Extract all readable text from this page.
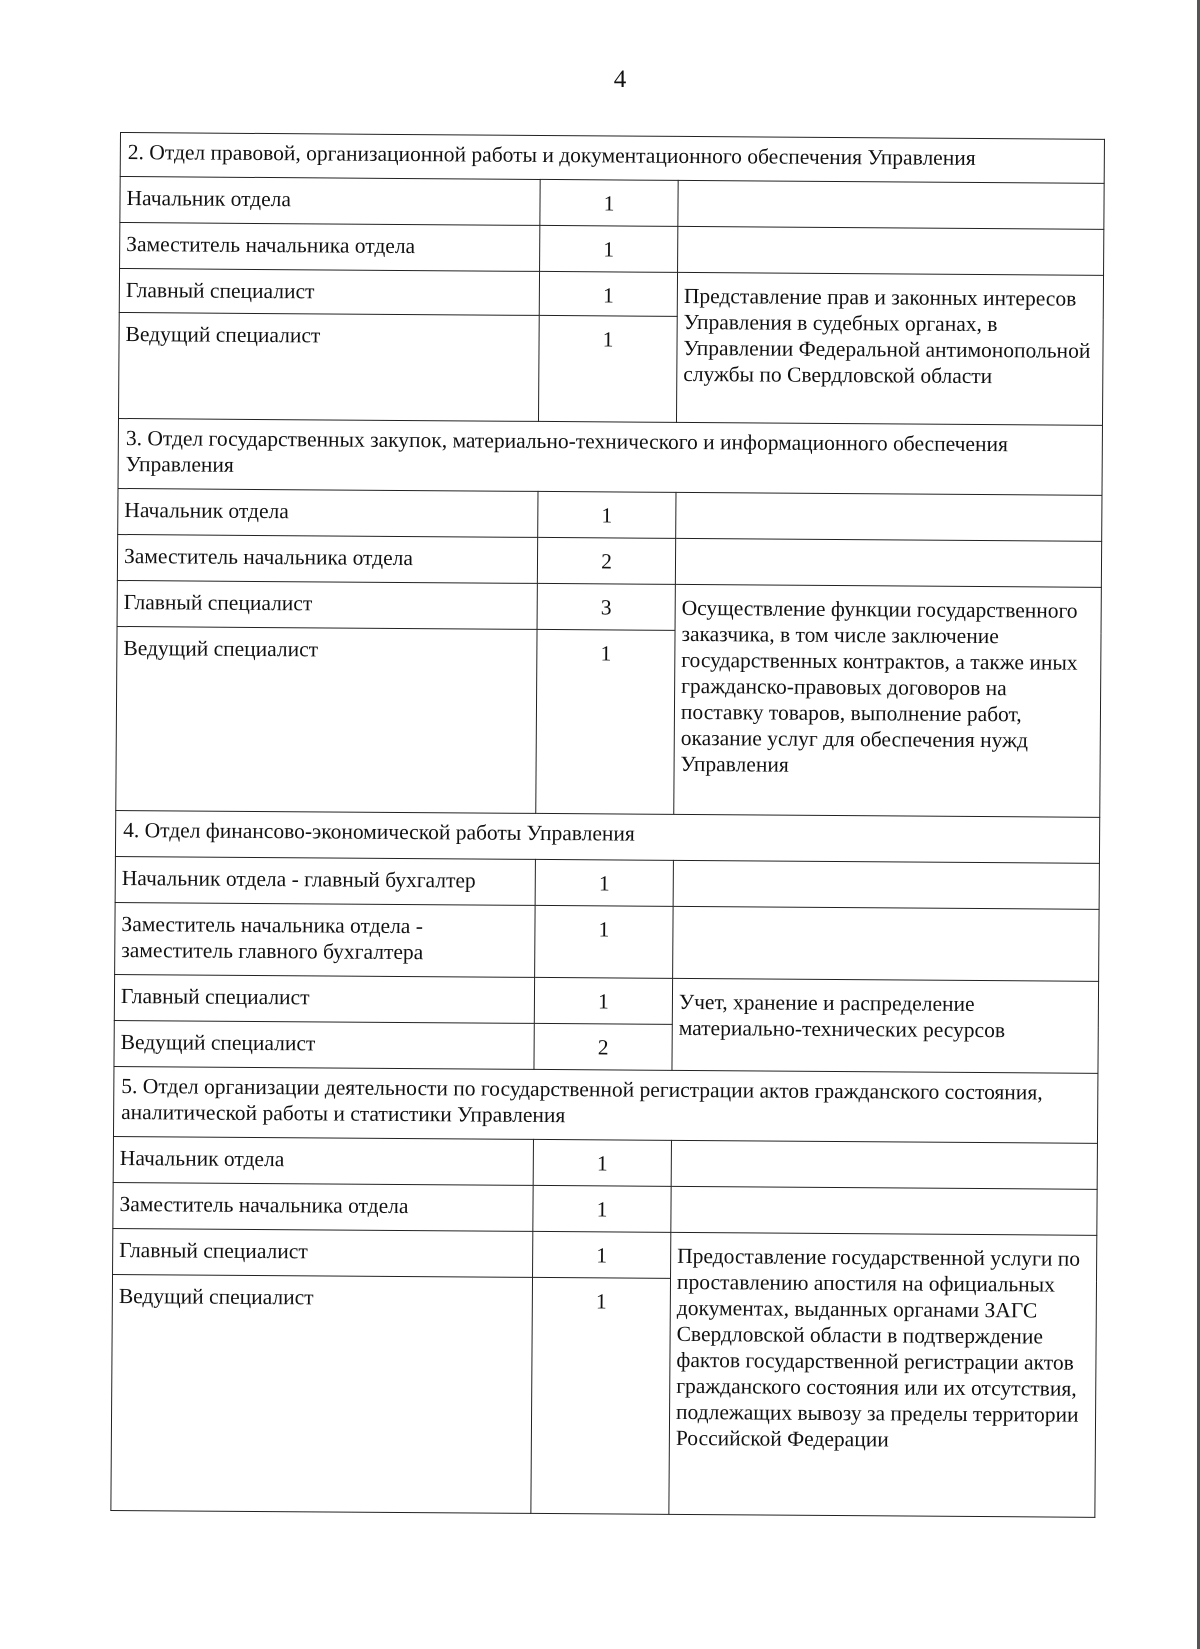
4
2. Отдел правовой, организационной работы и документационного обеспечения Управления		
Начальник отдела	1	
Заместитель начальника отдела	1	
Главный специалист	1	Представление прав и законных интересов Управления в судебных органах, в Управлении Федеральной антимонопольной службы по Свердловской области
Ведущий специалист	1	
3. Отдел государственных закупок, материально-технического и информационного обеспечения Управления		
Начальник отдела	1	
Заместитель начальника отдела	2	
Главный специалист	3	Осуществление функции государственного заказчика, в том числе заключение государственных контрактов, а также иных гражданско-правовых договоров на поставку товаров, выполнение работ, оказание услуг для обеспечения нужд Управления
Ведущий специалист	1	
4. Отдел финансово-экономической работы Управления		
Начальник отдела - главный бухгалтер	1	
Заместитель начальника отдела - заместитель главного бухгалтера	1	
Главный специалист	1	Учет, хранение и распределение материально-технических ресурсов
Ведущий специалист	2	
5. Отдел организации деятельности по государственной регистрации актов гражданского состояния, аналитической работы и статистики Управления		
Начальник отдела	1	
Заместитель начальника отдела	1	
Главный специалист	1	Предоставление государственной услуги по проставлению апостиля на официальных документах, выданных органами ЗАГС Свердловской области в подтверждение фактов государственной регистрации актов гражданского состояния или их отсутствия, подлежащих вывозу за пределы территории Российской Федерации
Ведущий специалист	1	
